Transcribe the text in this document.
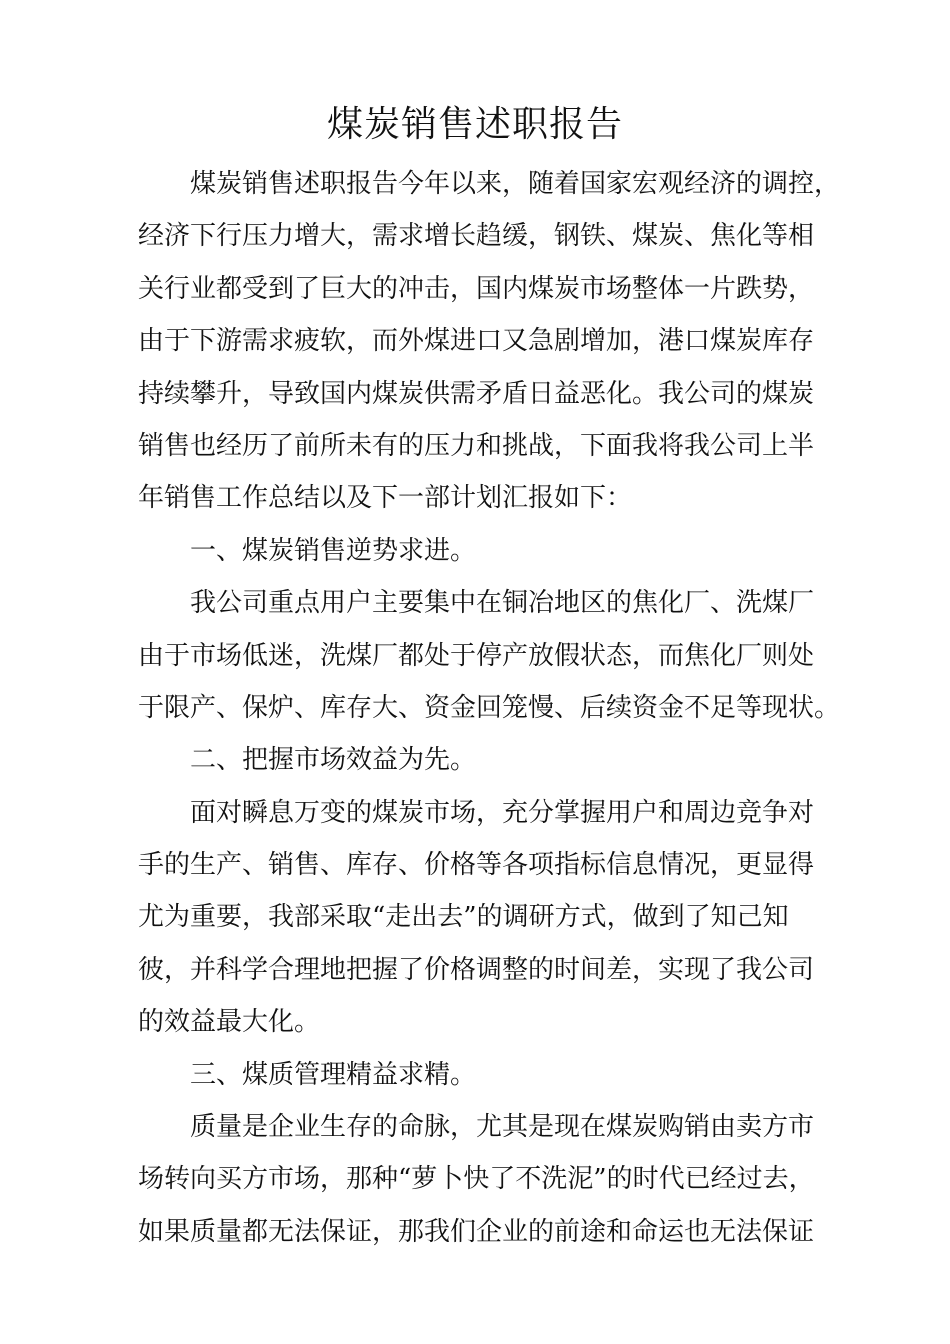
煤炭销售述职报告
煤炭销售述职报告今年以来，随着国家宏观经济的调控，
经济下行压力增大，需求增长趋缓，钢铁、煤炭、焦化等相
关行业都受到了巨大的冲击，国内煤炭市场整体一片跌势，
由于下游需求疲软，而外煤进口又急剧增加，港口煤炭库存
持续攀升，导致国内煤炭供需矛盾日益恶化。我公司的煤炭
销售也经历了前所未有的压力和挑战，下面我将我公司上半
年销售工作总结以及下一部计划汇报如下：
一、煤炭销售逆势求进。
我公司重点用户主要集中在铜冶地区的焦化厂、洗煤厂
由于市场低迷，洗煤厂都处于停产放假状态，而焦化厂则处
于限产、保炉、库存大、资金回笼慢、后续资金不足等现状。
二、把握市场效益为先。
面对瞬息万变的煤炭市场，充分掌握用户和周边竞争对
手的生产、销售、库存、价格等各项指标信息情况，更显得
尤为重要，我部采取“走出去”的调研方式，做到了知己知
彼，并科学合理地把握了价格调整的时间差，实现了我公司
的效益最大化。
三、煤质管理精益求精。
质量是企业生存的命脉，尤其是现在煤炭购销由卖方市
场转向买方市场，那种“萝卜快了不洗泥”的时代已经过去，
如果质量都无法保证，那我们企业的前途和命运也无法保证
